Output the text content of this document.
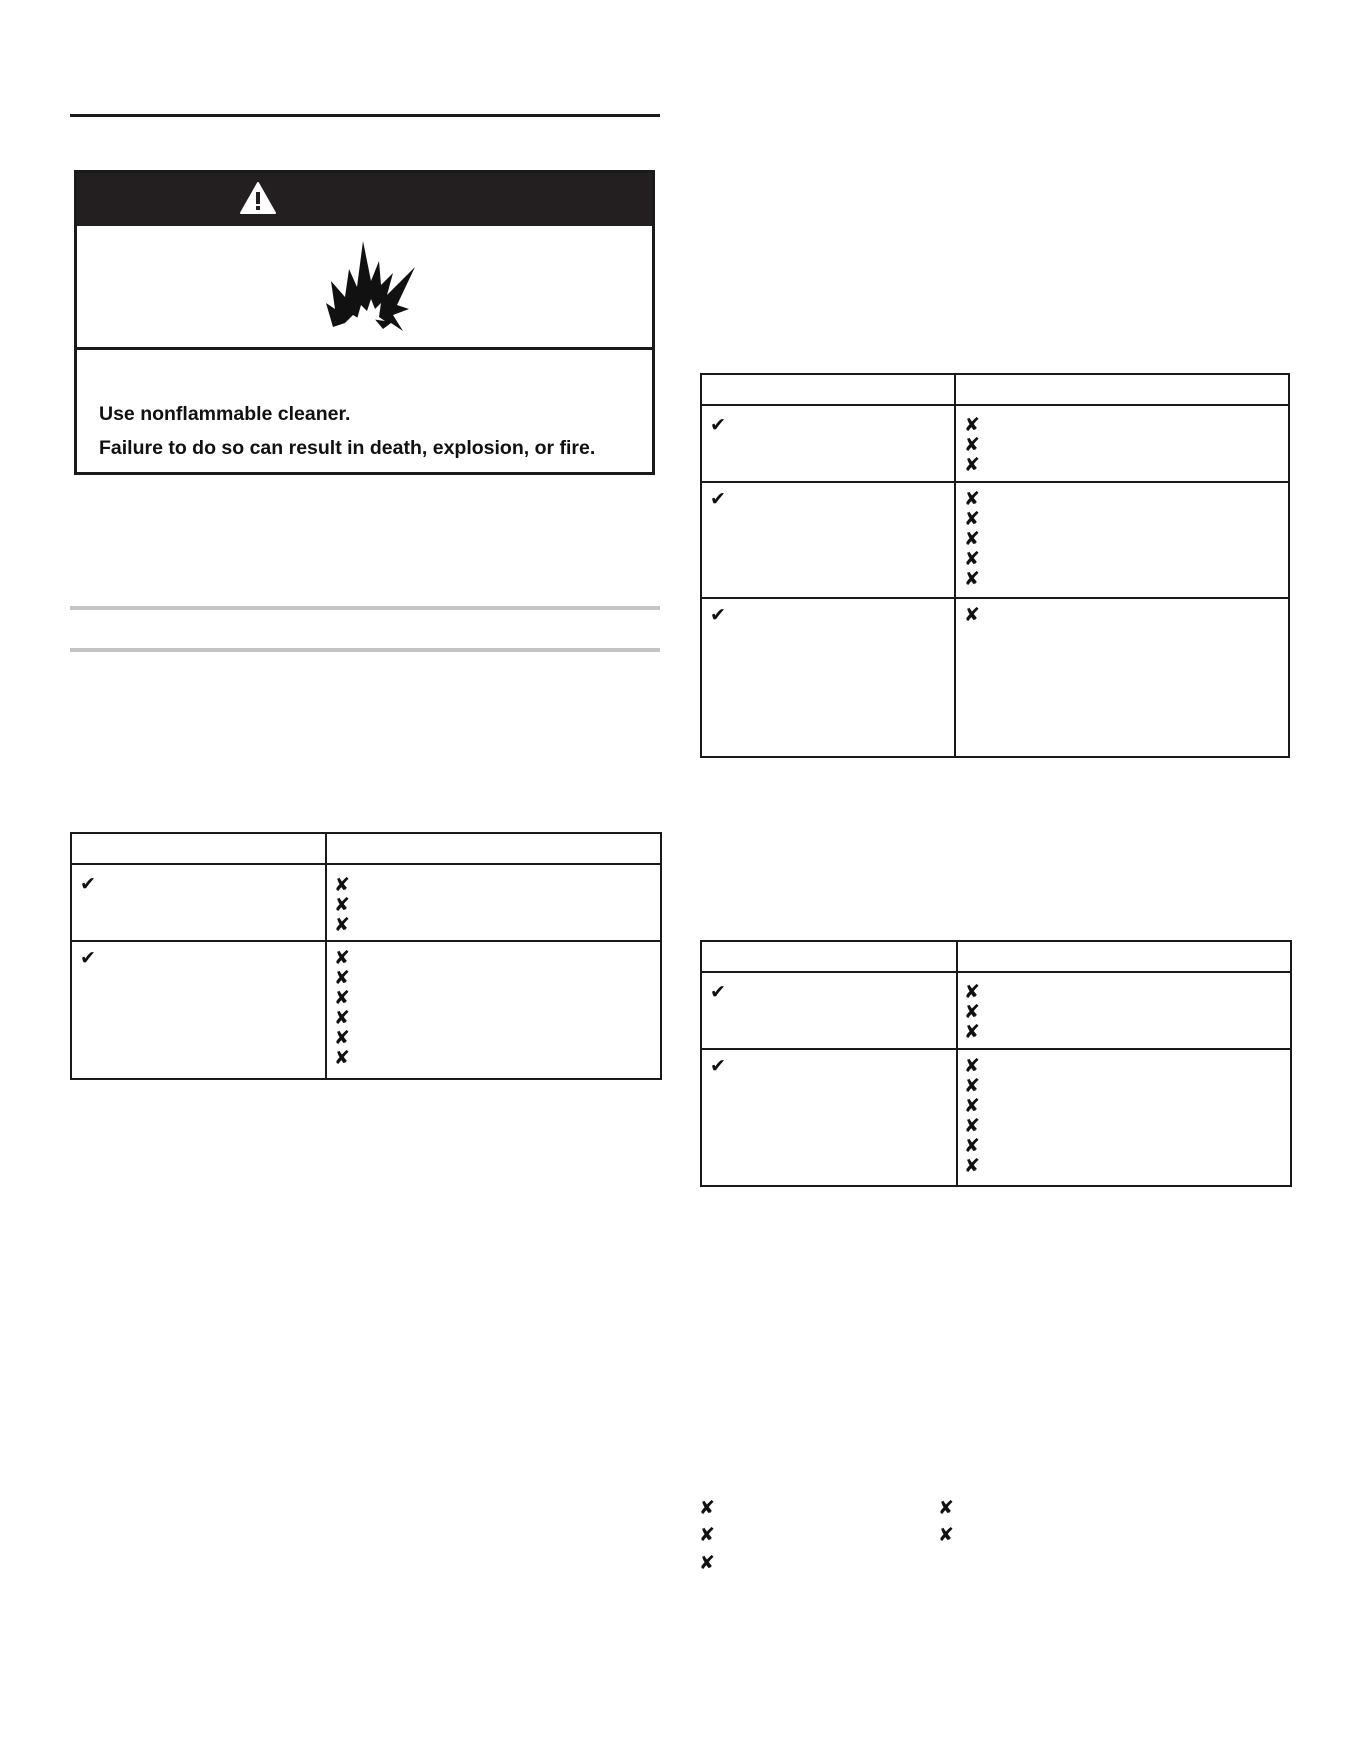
Use nonflammable cleaner.
Failure to do so can result in death, explosion, or fire.
✔	✘
✘
✘
✔	✘
✘
✘
✘
✘
✘
✔	✘
✘
✘
✔	✘
✘
✘
✘
✘
✔	✘
✔	✘
✘
✘
✔	✘
✘
✘
✘
✘
✘
✘
✘
✘
✘
✘
